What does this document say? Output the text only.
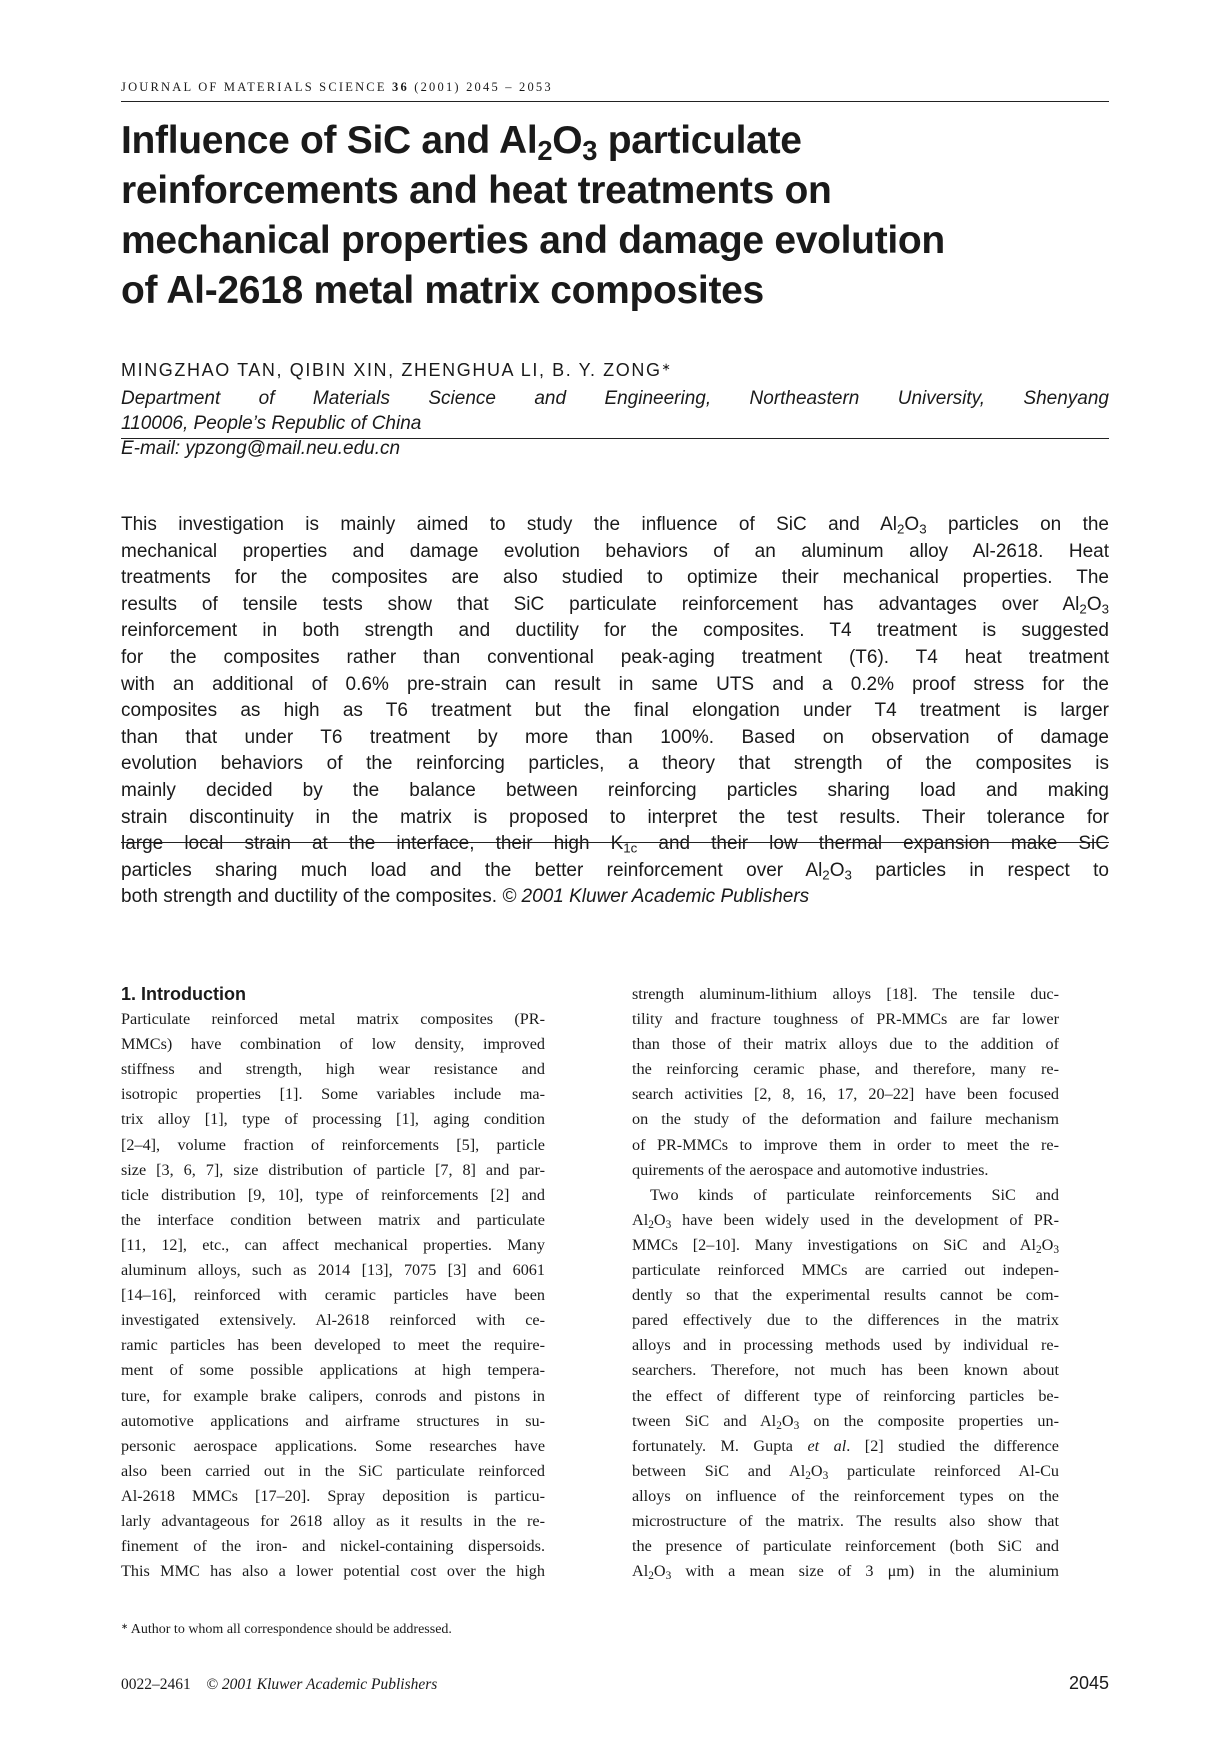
JOURNAL OF MATERIALS SCIENCE 36 (2001) 2045 – 2053
Influence of SiC and $Al_2O_3$ particulate
reinforcements and heat treatments on
mechanical properties and damage evolution
of Al-2618 metal matrix composites
MINGZHAO TAN, QIBIN XIN, ZHENGHUA LI, B. Y. ZONG∗
Department of Materials Science and Engineering, Northeastern University, Shenyang
110006, People’s Republic of China
E-mail: ypzong@mail.neu.edu.cn
This investigation is mainly aimed to study the influence of SiC and $Al_2O_3$ particles on the
mechanical properties and damage evolution behaviors of an aluminum alloy Al-2618. Heat
treatments for the composites are also studied to optimize their mechanical properties. The
results of tensile tests show that SiC particulate reinforcement has advantages over $Al_2O_3$
reinforcement in both strength and ductility for the composites. T4 treatment is suggested
for the composites rather than conventional peak-aging treatment (T6). T4 heat treatment
with an additional of 0.6% pre-strain can result in same UTS and a 0.2% proof stress for the
composites as high as T6 treatment but the final elongation under T4 treatment is larger
than that under T6 treatment by more than 100%. Based on observation of damage
evolution behaviors of the reinforcing particles, a theory that strength of the composites is
mainly decided by the balance between reinforcing particles sharing load and making
strain discontinuity in the matrix is proposed to interpret the test results. Their tolerance for
large local strain at the interface, their high $K_{1c}$ and their low thermal expansion make SiC
particles sharing much load and the better reinforcement over $Al_2O_3$ particles in respect to
both strength and ductility of the composites. © 2001 Kluwer Academic Publishers
1. Introduction
Particulate reinforced metal matrix composites (PR-
MMCs) have combination of low density, improved
stiffness and strength, high wear resistance and
isotropic properties [1]. Some variables include ma-
trix alloy [1], type of processing [1], aging condition
[2–4], volume fraction of reinforcements [5], particle
size [3, 6, 7], size distribution of particle [7, 8] and par-
ticle distribution [9, 10], type of reinforcements [2] and
the interface condition between matrix and particulate
[11, 12], etc., can affect mechanical properties. Many
aluminum alloys, such as 2014 [13], 7075 [3] and 6061
[14–16], reinforced with ceramic particles have been
investigated extensively. Al-2618 reinforced with ce-
ramic particles has been developed to meet the require-
ment of some possible applications at high tempera-
ture, for example brake calipers, conrods and pistons in
automotive applications and airframe structures in su-
personic aerospace applications. Some researches have
also been carried out in the SiC particulate reinforced
Al-2618 MMCs [17–20]. Spray deposition is particu-
larly advantageous for 2618 alloy as it results in the re-
finement of the iron- and nickel-containing dispersoids.
This MMC has also a lower potential cost over the high
strength aluminum-lithium alloys [18]. The tensile duc-
tility and fracture toughness of PR-MMCs are far lower
than those of their matrix alloys due to the addition of
the reinforcing ceramic phase, and therefore, many re-
search activities [2, 8, 16, 17, 20–22] have been focused
on the study of the deformation and failure mechanism
of PR-MMCs to improve them in order to meet the re-
quirements of the aerospace and automotive industries.
Two kinds of particulate reinforcements SiC and
$Al_2O_3$ have been widely used in the development of PR-
MMCs [2–10]. Many investigations on SiC and $Al_2O_3$
particulate reinforced MMCs are carried out indepen-
dently so that the experimental results cannot be com-
pared effectively due to the differences in the matrix
alloys and in processing methods used by individual re-
searchers. Therefore, not much has been known about
the effect of different type of reinforcing particles be-
tween SiC and $Al_2O_3$ on the composite properties un-
fortunately. M. Gupta et al. [2] studied the difference
between SiC and $Al_2O_3$ particulate reinforced Al-Cu
alloys on influence of the reinforcement types on the
microstructure of the matrix. The results also show that
the presence of particulate reinforcement (both SiC and
$Al_2O_3$ with a mean size of 3 μm) in the aluminium
∗ Author to whom all correspondence should be addressed.
0022–2461 © 2001 Kluwer Academic Publishers	2045
